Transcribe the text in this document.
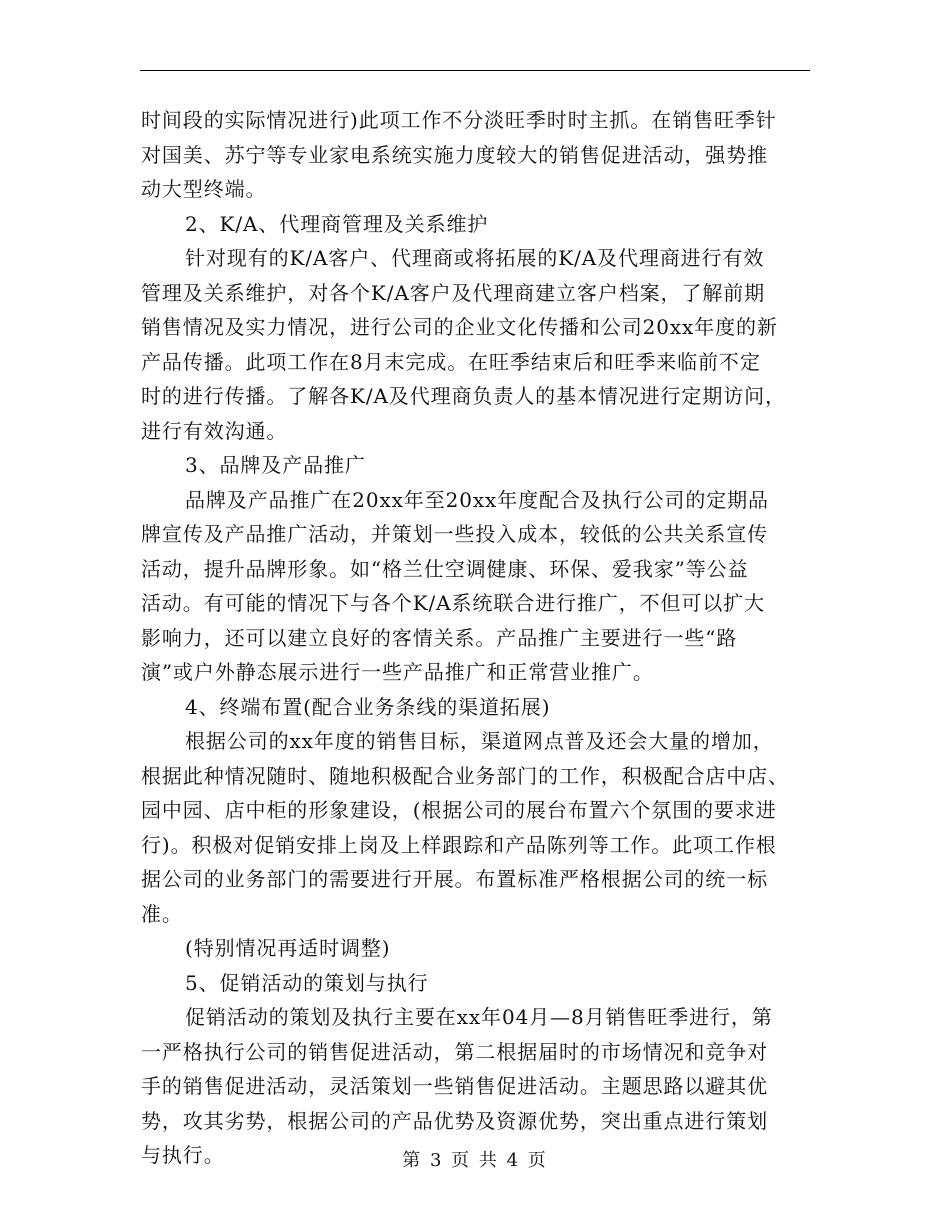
时间段的实际情况进行)此项工作不分淡旺季时时主抓。在销售旺季针
对国美、苏宁等专业家电系统实施力度较大的销售促进活动，强势推
动大型终端。
2、K/A、代理商管理及关系维护
针对现有的K/A客户、代理商或将拓展的K/A及代理商进行有效
管理及关系维护，对各个K/A客户及代理商建立客户档案，了解前期
销售情况及实力情况，进行公司的企业文化传播和公司20xx年度的新
产品传播。此项工作在8月末完成。在旺季结束后和旺季来临前不定
时的进行传播。了解各K/A及代理商负责人的基本情况进行定期访问，
进行有效沟通。
3、品牌及产品推广
品牌及产品推广在20xx年至20xx年度配合及执行公司的定期品
牌宣传及产品推广活动，并策划一些投入成本，较低的公共关系宣传
活动，提升品牌形象。如“格兰仕空调健康、环保、爱我家”等公益
活动。有可能的情况下与各个K/A系统联合进行推广，不但可以扩大
影响力，还可以建立良好的客情关系。产品推广主要进行一些“路
演”或户外静态展示进行一些产品推广和正常营业推广。
4、终端布置(配合业务条线的渠道拓展)
根据公司的xx年度的销售目标，渠道网点普及还会大量的增加，
根据此种情况随时、随地积极配合业务部门的工作，积极配合店中店、
园中园、店中柜的形象建设，(根据公司的展台布置六个氛围的要求进
行)。积极对促销安排上岗及上样跟踪和产品陈列等工作。此项工作根
据公司的业务部门的需要进行开展。布置标准严格根据公司的统一标
准。
(特别情况再适时调整)
5、促销活动的策划与执行
促销活动的策划及执行主要在xx年04月—8月销售旺季进行，第
一严格执行公司的销售促进活动，第二根据届时的市场情况和竞争对
手的销售促进活动，灵活策划一些销售促进活动。主题思路以避其优
势，攻其劣势，根据公司的产品优势及资源优势，突出重点进行策划
与执行。	第 3 页 共 4 页
